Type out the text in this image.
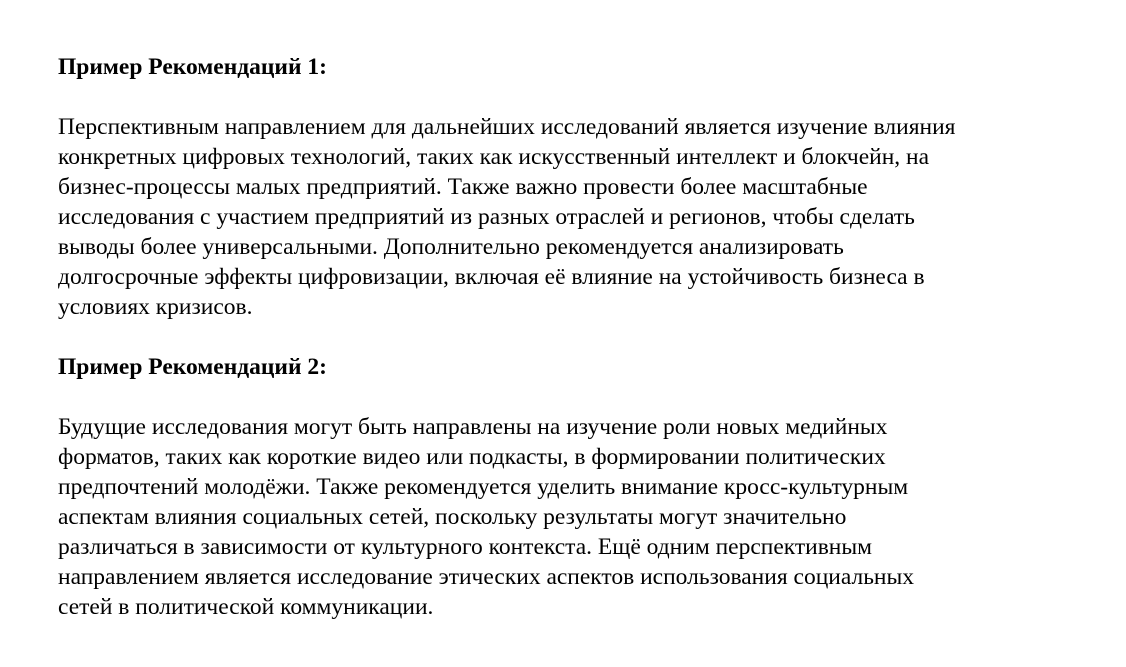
Пример Рекомендаций 1:

Перспективным направлением для дальнейших исследований является изучение влияния
конкретных цифровых технологий, таких как искусственный интеллект и блокчейн, на
бизнес-процессы малых предприятий. Также важно провести более масштабные
исследования с участием предприятий из разных отраслей и регионов, чтобы сделать
выводы более универсальными. Дополнительно рекомендуется анализировать
долгосрочные эффекты цифровизации, включая её влияние на устойчивость бизнеса в
условиях кризисов.

Пример Рекомендаций 2:

Будущие исследования могут быть направлены на изучение роли новых медийных
форматов, таких как короткие видео или подкасты, в формировании политических
предпочтений молодёжи. Также рекомендуется уделить внимание кросс-культурным
аспектам влияния социальных сетей, поскольку результаты могут значительно
различаться в зависимости от культурного контекста. Ещё одним перспективным
направлением является исследование этических аспектов использования социальных
сетей в политической коммуникации.
